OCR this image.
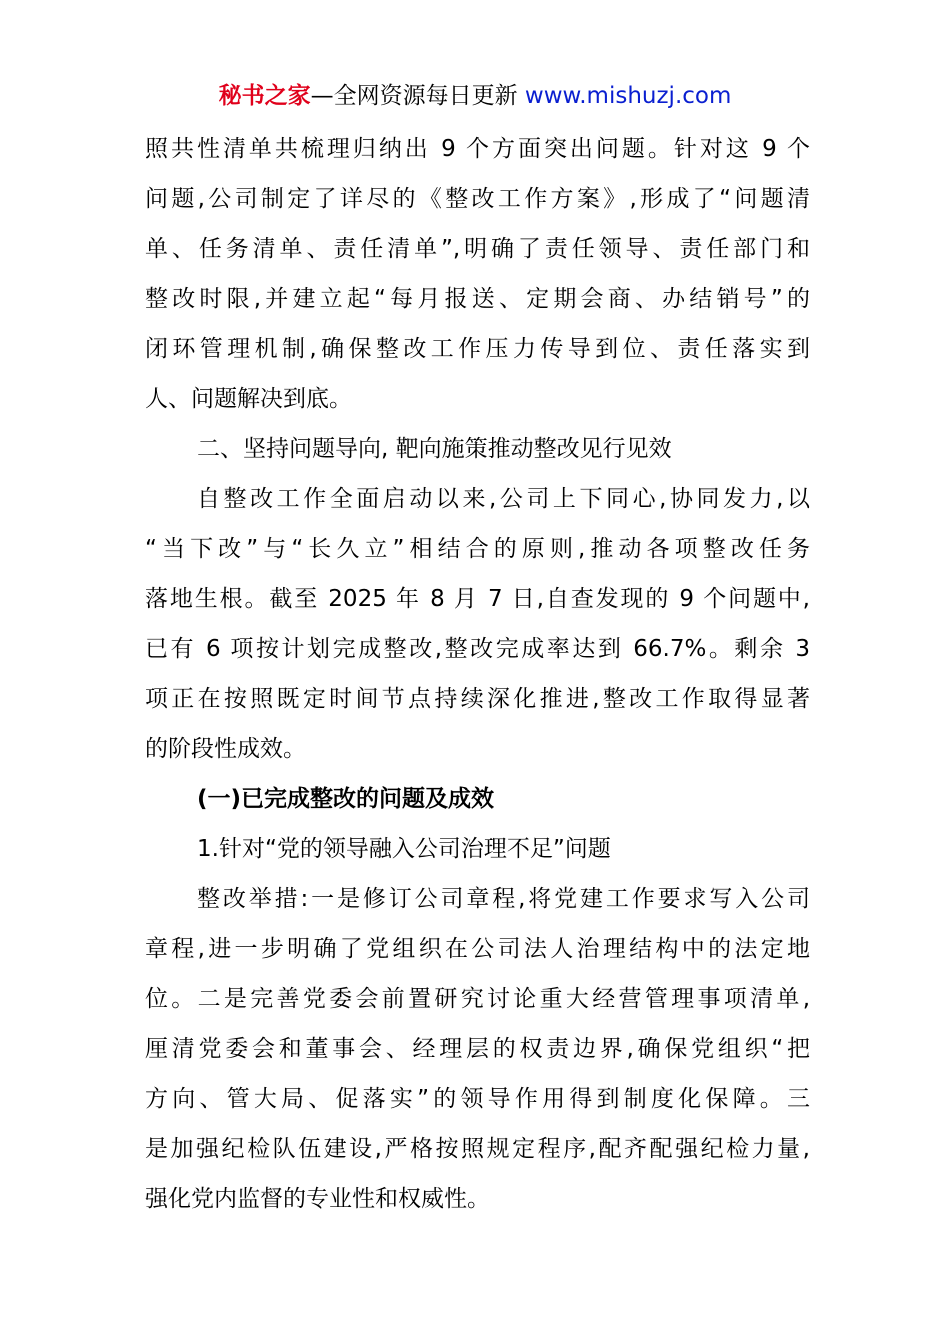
秘书之家—全网资源每日更新 www.mishuzj.com
照共性清单共梳理归纳出 9 个方面突出问题。针对这 9 个
问题,公司制定了详尽的《整改工作方案》,形成了“问题清
单、任务清单、责任清单”,明确了责任领导、责任部门和
整改时限,并建立起“每月报送、定期会商、办结销号”的
闭环管理机制,确保整改工作压力传导到位、责任落实到
人、问题解决到底。
二、坚持问题导向, 靶向施策推动整改见行见效
自整改工作全面启动以来,公司上下同心,协同发力,以
“当下改”与“长久立”相结合的原则,推动各项整改任务
落地生根。截至 2025 年 8 月 7 日,自查发现的 9 个问题中,
已有 6 项按计划完成整改,整改完成率达到 66.7%。剩余 3
项正在按照既定时间节点持续深化推进,整改工作取得显著
的阶段性成效。
(一)已完成整改的问题及成效
1.针对“党的领导融入公司治理不足”问题
整改举措:一是修订公司章程,将党建工作要求写入公司
章程,进一步明确了党组织在公司法人治理结构中的法定地
位。二是完善党委会前置研究讨论重大经营管理事项清单,
厘清党委会和董事会、经理层的权责边界,确保党组织“把
方向、管大局、促落实”的领导作用得到制度化保障。三
是加强纪检队伍建设,严格按照规定程序,配齐配强纪检力量,
强化党内监督的专业性和权威性。
